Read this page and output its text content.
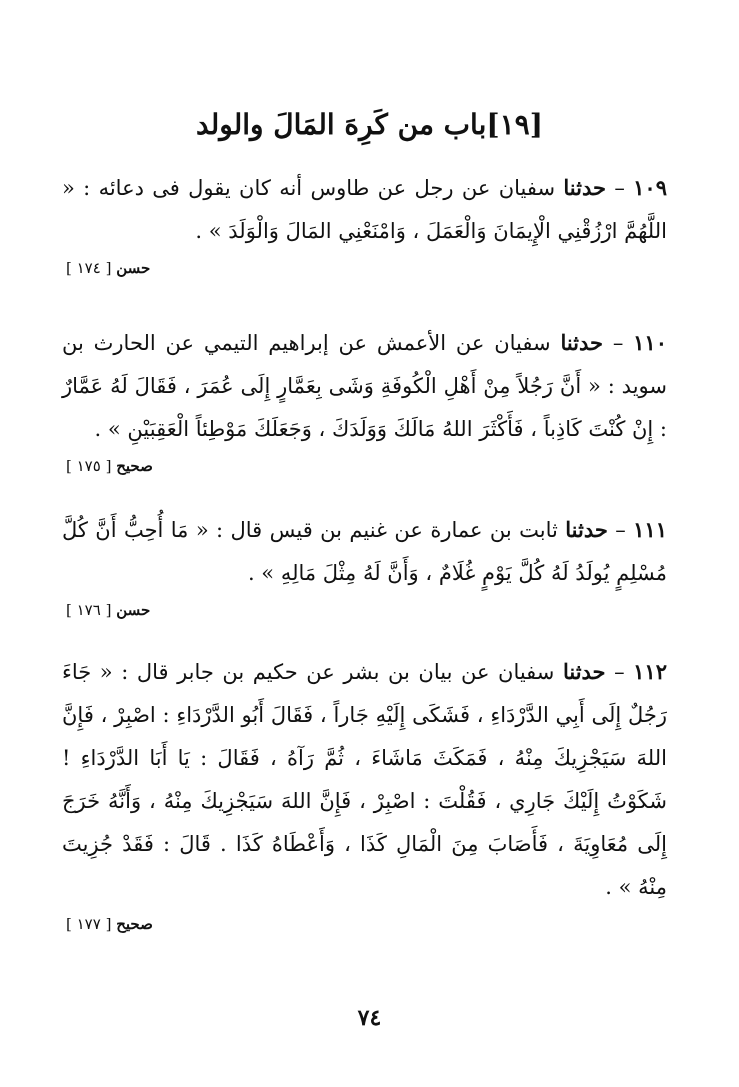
[١٩]باب من كَرِهَ المَالَ والولد
١٠٩ – حدثنا سفيان عن رجل عن طاوس أنه كان يقول فى دعائه : « اللَّهُمَّ ارْزُقْنِي الْإِيمَانَ وَالْعَمَلَ ، وَامْنَعْنِي المَالَ وَالْوَلَدَ » .
حسن [ ١٧٤ ]
١١٠ – حدثنا سفيان عن الأعمش عن إبراهيم التيمي عن الحارث بن سويد : « أَنَّ رَجُلاً مِنْ أَهْلِ الْكُوفَةِ وَشَى بِعَمَّارٍ إِلَى عُمَرَ ، فَقَالَ لَهُ عَمَّارٌ : إِنْ كُنْتَ كَاذِباً ، فَأَكْثَرَ اللهُ مَالَكَ وَوَلَدَكَ ، وَجَعَلَكَ مَوْطِئاً الْعَقِبَيْنِ » .
صحيح [ ١٧٥ ]
١١١ – حدثنا ثابت بن عمارة عن غنيم بن قيس قال : « مَا أُحِبُّ أَنَّ كُلَّ مُسْلِمٍ يُولَدُ لَهُ كُلَّ يَوْمٍ غُلَامٌ ، وَأَنَّ لَهُ مِثْلَ مَالِهِ » .
حسن [ ١٧٦ ]
١١٢ – حدثنا سفيان عن بيان بن بشر عن حكيم بن جابر قال : « جَاءَ رَجُلٌ إِلَى أَبِي الدَّرْدَاءِ ، فَشَكَى إِلَيْهِ جَاراً ، فَقَالَ أَبُو الدَّرْدَاءِ : اصْبِرْ ، فَإِنَّ اللهَ سَيَجْزِيكَ مِنْهُ ، فَمَكَثَ مَاشَاءَ ، ثُمَّ رَآهُ ، فَقَالَ : يَا أَبَا الدَّرْدَاءِ ! شَكَوْتُ إِلَيْكَ جَارِي ، فَقُلْتَ : اصْبِرْ ، فَإِنَّ اللهَ سَيَجْزِيكَ مِنْهُ ، وَأَنَّهُ خَرَجَ إِلَى مُعَاوِيَةَ ، فَأَصَابَ مِنَ الْمَالِ كَذَا ، وَأَعْطَاهُ كَذَا . قَالَ : فَقَدْ جُزِيتَ مِنْهُ » .
صحيح [ ١٧٧ ]
٧٤
